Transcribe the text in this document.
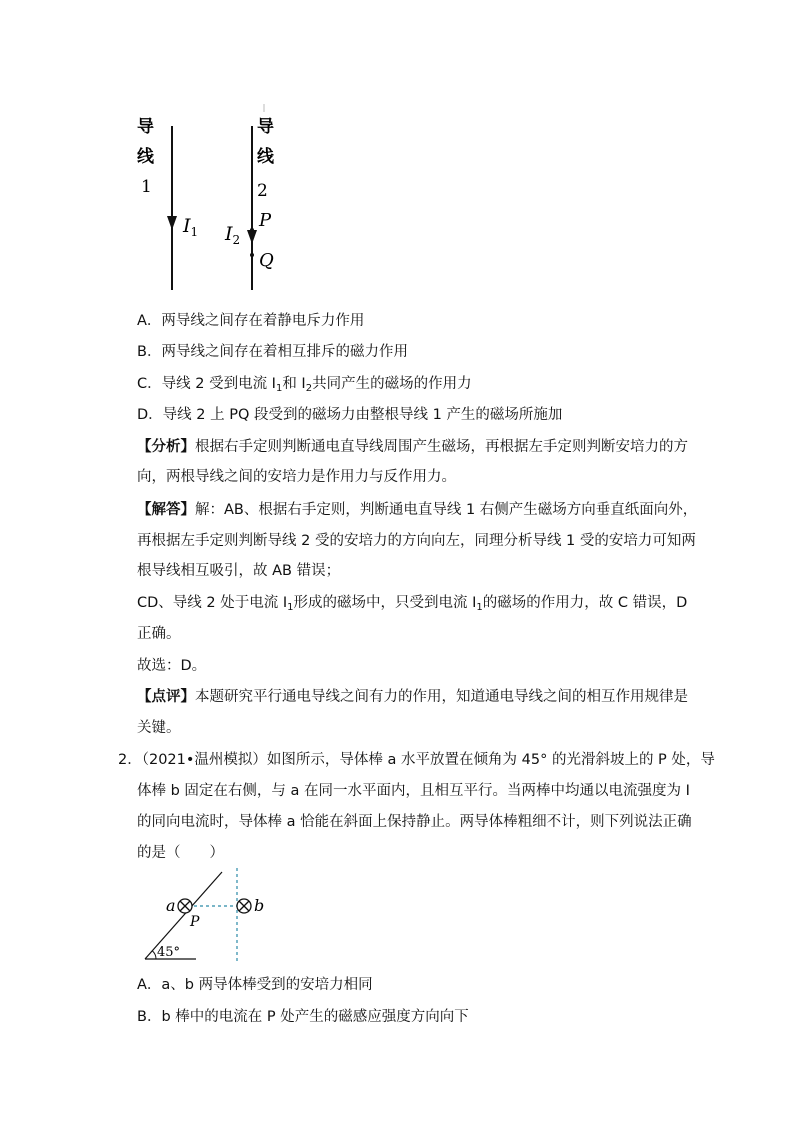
导
线
1
导
线
2
$I_1$ $I_2$
P
Q
A．两导线之间存在着静电斥力作用
B．两导线之间存在着相互排斥的磁力作用
C．导线 2 受到电流 $I_1$和 $I_2$共同产生的磁场的作用力
D．导线 2 上 PQ 段受到的磁场力由整根导线 1 产生的磁场所施加
【分析】根据右手定则判断通电直导线周围产生磁场，再根据左手定则判断安培力的方
向，两根导线之间的安培力是作用力与反作用力。
【解答】解：AB、根据右手定则，判断通电直导线 1 右侧产生磁场方向垂直纸面向外，
再根据左手定则判断导线 2 受的安培力的方向向左，同理分析导线 1 受的安培力可知两
根导线相互吸引，故 AB 错误；
CD、导线 2 处于电流 $I_1$形成的磁场中，只受到电流 $I_1$的磁场的作用力，故 C 错误，D
正确。
故选：D。
【点评】本题研究平行通电导线之间有力的作用，知道通电导线之间的相互作用规律是
关键。
2．（2021•温州模拟）如图所示，导体棒 a 水平放置在倾角为 45° 的光滑斜坡上的 P 处，导
体棒 b 固定在右侧，与 a 在同一水平面内，且相互平行。当两棒中均通以电流强度为 I
的同向电流时，导体棒 a 恰能在斜面上保持静止。两导体棒粗细不计，则下列说法正确
的是（　　）
a	b
P
45°
A．a、b 两导体棒受到的安培力相同
B．b 棒中的电流在 P 处产生的磁感应强度方向向下
